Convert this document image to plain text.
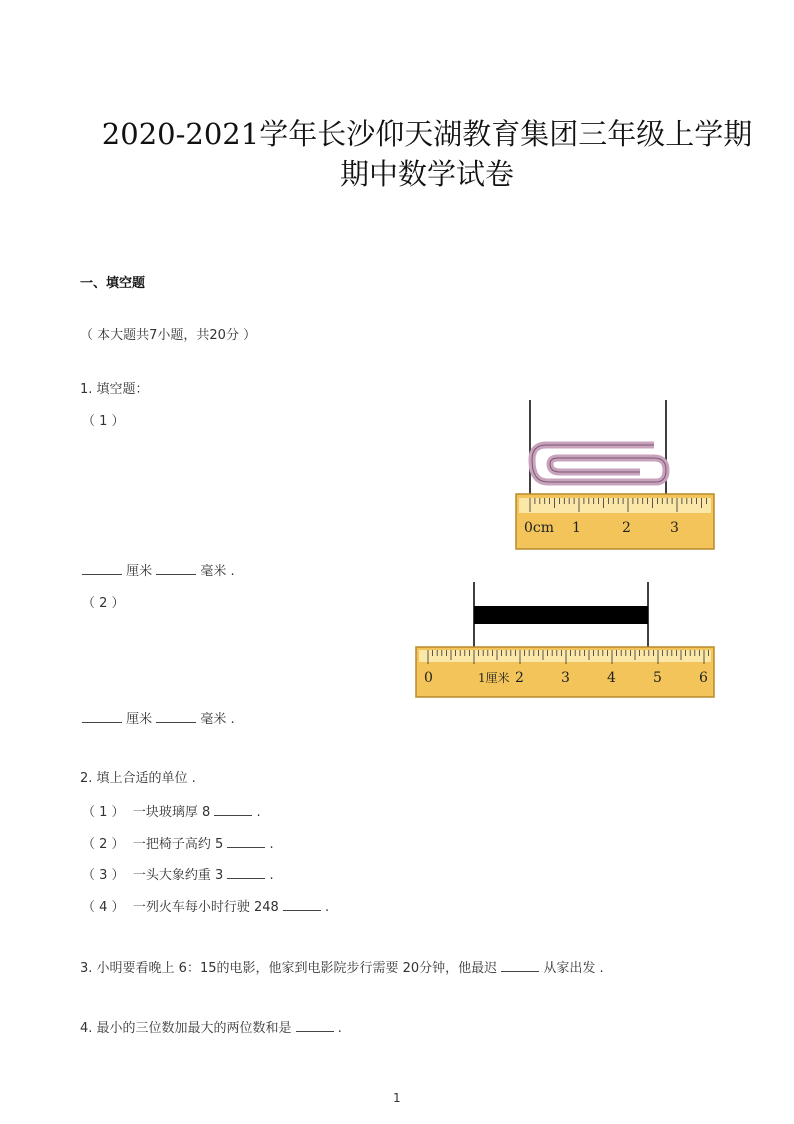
2020-2021学年长沙仰天湖教育集团三年级上学期
期中数学试卷
一、填空题
（ 本大题共7小题，共20分 ）
1. 填空题：
（ 1 ）
0cm 1	2	3
厘米	毫米 .
（ 2 ）
0	1厘米 2	3	4	5	6
厘米	毫米 .
2. 填上合适的单位 .
（ 1 ） 一块玻璃厚 8	.
（ 2 ） 一把椅子高约 5	.
（ 3 ） 一头大象约重 3	.
（ 4 ） 一列火车每小时行驶 248	.
3. 小明要看晚上 6：15的电影，他家到电影院步行需要 20分钟，他最迟	从家出发 .
4. 最小的三位数加最大的两位数和是	.
1
